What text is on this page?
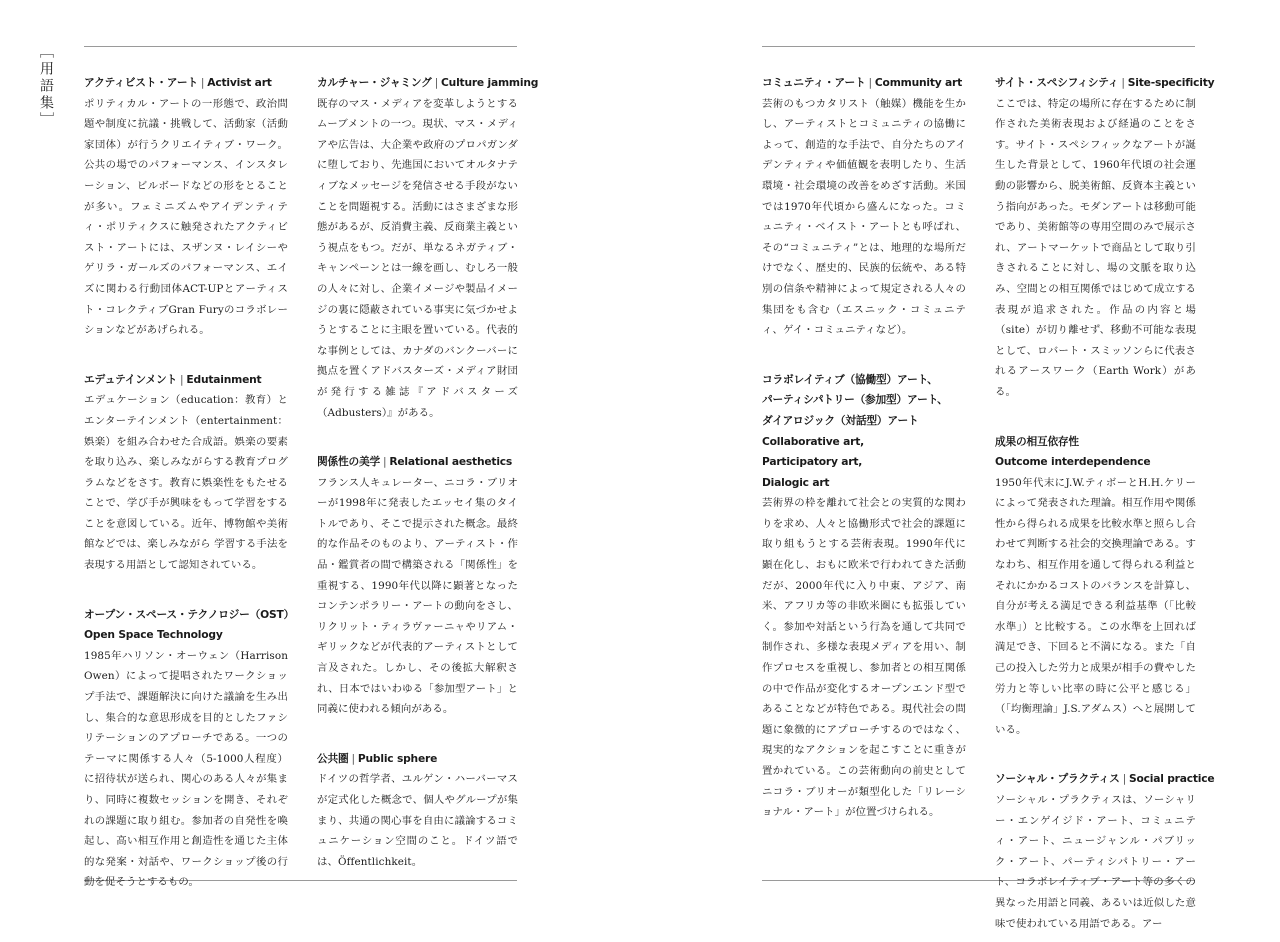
［用語集］	アクティビスト・アート | Activist art
ポリティカル・アートの一形態で、政治問題や制度に抗議・挑戦して、活動家（活動家団体）が行うクリエイティブ・ワーク。公共の場でのパフォーマンス、インスタレーション、ビルボードなどの形をとることが多い。フェミニズムやアイデンティティ・ポリティクスに触発されたアクティビスト・アートには、スザンヌ・レイシーやゲリラ・ガールズのパフォーマンス、エイズに関わる行動団体ACT-UPとアーティスト・コレクティブGran Furyのコラボレーションなどがあげられる。
エデュテインメント | Edutainment
エデュケーション（education：教育）とエンターテインメント（entertainment：娯楽）を組み合わせた合成語。娯楽の要素を取り込み、楽しみながらする教育プログラムなどをさす。教育に娯楽性をもたせることで、学び手が興味をもって学習をすることを意図している。近年、博物館や美術館などでは、楽しみながら 学習する手法を表現する用語として認知されている。
オープン・スペース・テクノロジー（OST）
Open Space Technology
1985年ハリソン・オーウェン（Harrison Owen）によって提唱されたワークショップ手法で、課題解決に向けた議論を生み出し、集合的な意思形成を目的としたファシリテーションのアプローチである。一つのテーマに関係する人々（5-1000人程度）に招待状が送られ、関心のある人々が集まり、同時に複数セッションを開き、それぞれの課題に取り組む。参加者の自発性を喚起し、高い相互作用と創造性を通じた主体的な発案・対話や、ワークショップ後の行動を促そうとするもの。
カルチャー・ジャミング | Culture jamming
既存のマス・メディアを変革しようとするムーブメントの一つ。現状、マス・メディアや広告は、大企業や政府のプロパガンダに堕しており、先進国においてオルタナティブなメッセージを発信させる手段がないことを問題視する。活動にはさまざまな形態があるが、反消費主義、反商業主義という視点をもつ。だが、単なるネガティブ・キャンペーンとは一線を画し、むしろ一般の人々に対し、企業イメージや製品イメージの裏に隠蔽されている事実に気づかせようとすることに主眼を置いている。代表的な事例としては、カナダのバンクーバーに拠点を置くアドバスターズ・メディア財団が発行する雑誌『アドバスターズ（Adbusters）』がある。
関係性の美学 | Relational aesthetics
フランス人キュレーター、ニコラ・ブリオーが1998年に発表したエッセイ集のタイトルであり、そこで提示された概念。最終的な作品そのものより、アーティスト・作品・鑑賞者の間で構築される「関係性」を重視する、1990年代以降に顕著となったコンテンポラリー・アートの動向をさし、リクリット・ティラヴァーニャやリアム・ギリックなどが代表的アーティストとして言及された。しかし、その後拡大解釈され、日本ではいわゆる「参加型アート」と同義に使われる傾向がある。
公共圏 | Public sphere
ドイツの哲学者、ユルゲン・ハーバーマスが定式化した概念で、個人やグループが集まり、共通の関心事を自由に議論するコミュニケーション空間のこと。ドイツ語では、Öffentlichkeit。
コミュニティ・アート | Community art
芸術のもつカタリスト（触媒）機能を生かし、アーティストとコミュニティの協働によって、創造的な手法で、自分たちのアイデンティティや価値観を表明したり、生活環境・社会環境の改善をめざす活動。米国では1970年代頃から盛んになった。コミュニティ・ベイスト・アートとも呼ばれ、その“コミュニティ”とは、地理的な場所だけでなく、歴史的、民族的伝統や、ある特別の信条や精神によって規定される人々の集団をも含む（エスニック・コミュニティ、ゲイ・コミュニティなど）。
コラボレイティブ（協働型）アート、
パーティシパトリー（参加型）アート、
ダイアロジック（対話型）アート
Collaborative art,
Participatory art,
Dialogic art
芸術界の枠を離れて社会との実質的な関わりを求め、人々と協働形式で社会的課題に取り組もうとする芸術表現。1990年代に顕在化し、おもに欧米で行われてきた活動だが、2000年代に入り中東、アジア、南米、アフリカ等の非欧米圏にも拡張していく。参加や対話という行為を通して共同で制作され、多様な表現メディアを用い、制作プロセスを重視し、参加者との相互関係の中で作品が変化するオープンエンド型であることなどが特色である。現代社会の問題に象徴的にアプローチするのではなく、現実的なアクションを起こすことに重きが置かれている。この芸術動向の前史としてニコラ・ブリオーが類型化した「リレーショナル・アート」が位置づけられる。
サイト・スペシフィシティ | Site-specificity
ここでは、特定の場所に存在するために制作された美術表現および経過のことをさす。サイト・スペシフィックなアートが誕生した背景として、1960年代頃の社会運動の影響から、脱美術館、反資本主義という指向があった。モダンアートは移動可能であり、美術館等の専用空間のみで展示され、アートマーケットで商品として取り引きされることに対し、場の文脈を取り込み、空間との相互関係ではじめて成立する表現が追求された。作品の内容と場（site）が切り離せず、移動不可能な表現として、ロバート・スミッソンらに代表されるアースワーク（Earth Work）がある。
成果の相互依存性
Outcome interdependence
1950年代末にJ.W.ティボーとH.H.ケリーによって発表された理論。相互作用や関係性から得られる成果を比較水準と照らし合わせて判断する社会的交換理論である。すなわち、相互作用を通して得られる利益とそれにかかるコストのバランスを計算し、自分が考える満足できる利益基準（「比較水準」）と比較する。この水準を上回れば満足でき、下回ると不満になる。また「自己の投入した労力と成果が相手の費やした労力と等しい比率の時に公平と感じる」（「均衡理論」J.S.アダムス）へと展開している。
ソーシャル・プラクティス | Social practice
ソーシャル・プラクティスは、ソーシャリー・エンゲイジド・アート、コミュニティ・アート、ニュージャンル・パブリック・アート、パーティシパトリー・アート、コラボレイティブ・アート等の多くの異なった用語と同義、あるいは近似した意味で使われている用語である。アー
